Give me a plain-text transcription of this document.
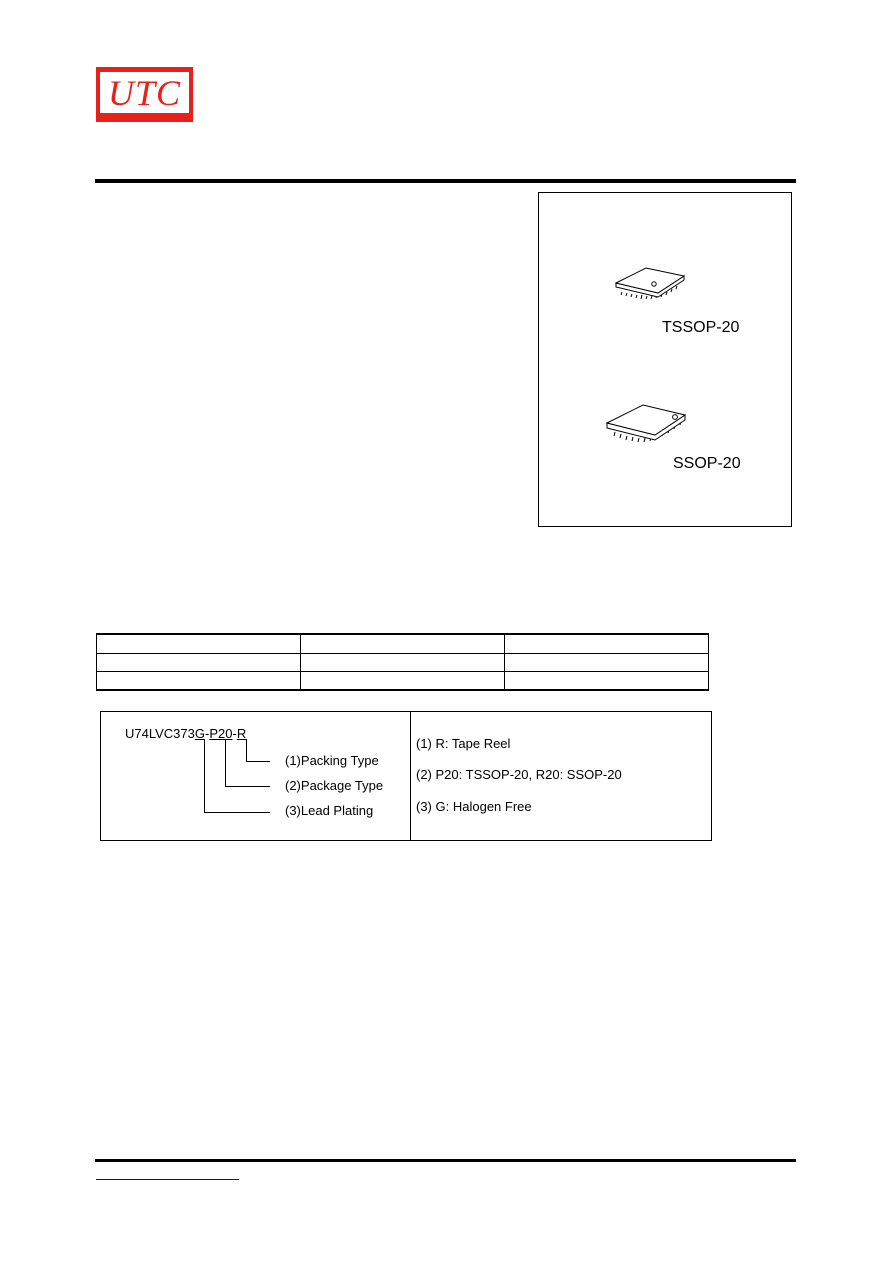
UTC
TSSOP-20
SSOP-20

U74LVC373G-P20-R
(1)Packing Type
(2)Package Type
(3)Lead Plating
(1) R: Tape Reel
(2) P20: TSSOP-20, R20: SSOP-20
(3) G: Halogen Free
